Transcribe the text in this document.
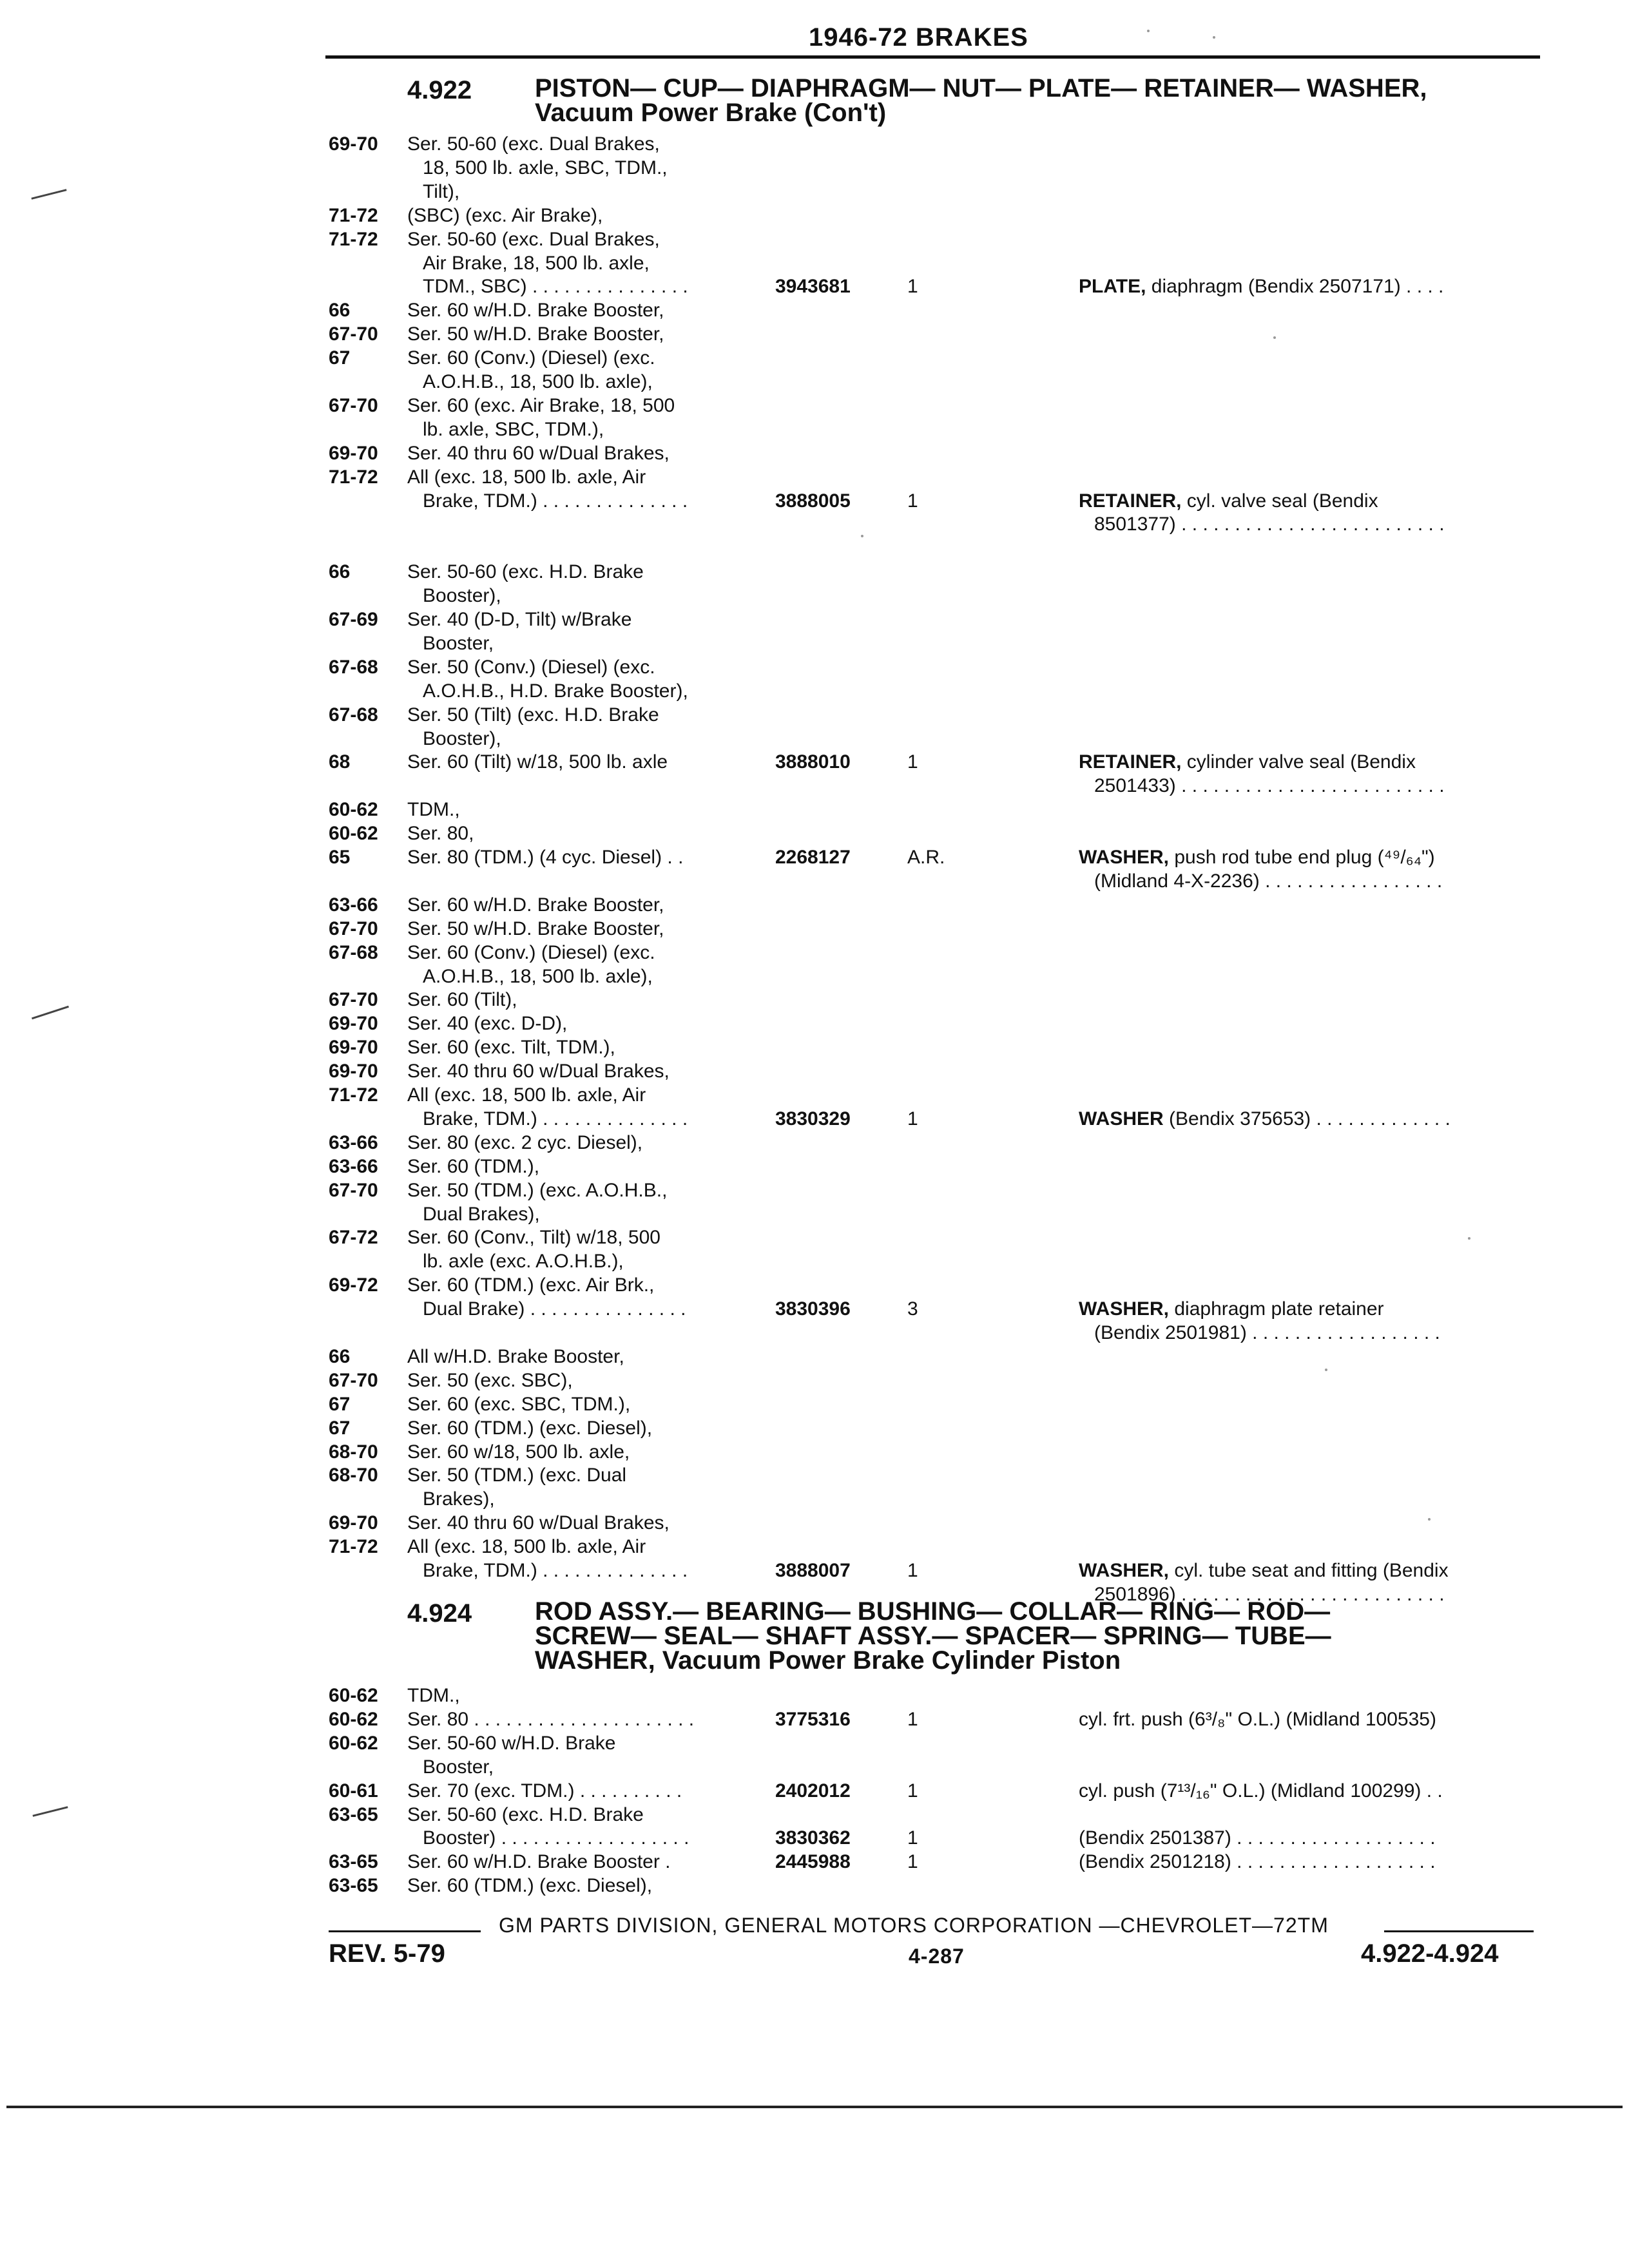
1946-72 BRAKES
4.922 PISTON— CUP— DIAPHRAGM— NUT— PLATE— RETAINER— WASHER,
Vacuum Power Brake (Con't)
69-70 Ser. 50-60 (exc. Dual Brakes,
18, 500 lb. axle, SBC, TDM.,
Tilt),
71-72 (SBC) (exc. Air Brake),
71-72 Ser. 50-60 (exc. Dual Brakes,
Air Brake, 18, 500 lb. axle,
TDM., SBC) . . . . . . . . . . . . . . .	3943681	1	PLATE, diaphragm (Bendix 2507171) . . . .
66	Ser. 60 w/H.D. Brake Booster,
67-70 Ser. 50 w/H.D. Brake Booster,
67	Ser. 60 (Conv.) (Diesel) (exc.
A.O.H.B., 18, 500 lb. axle),
67-70 Ser. 60 (exc. Air Brake, 18, 500
lb. axle, SBC, TDM.),
69-70 Ser. 40 thru 60 w/Dual Brakes,
71-72 All (exc. 18, 500 lb. axle, Air
Brake, TDM.) . . . . . . . . . . . . . .	3888005	1	RETAINER, cyl. valve seal (Bendix
8501377) . . . . . . . . . . . . . . . . . . . . . . . . .
66	Ser. 50-60 (exc. H.D. Brake
Booster),
67-69 Ser. 40 (D-D, Tilt) w/Brake
Booster,
67-68 Ser. 50 (Conv.) (Diesel) (exc.
A.O.H.B., H.D. Brake Booster),
67-68 Ser. 50 (Tilt) (exc. H.D. Brake
Booster),
68	Ser. 60 (Tilt) w/18, 500 lb. axle	3888010	1	RETAINER, cylinder valve seal (Bendix
2501433) . . . . . . . . . . . . . . . . . . . . . . . . .
60-62 TDM.,
60-62 Ser. 80,
65	Ser. 80 (TDM.) (4 cyc. Diesel) . .	2268127	A.R.	WASHER, push rod tube end plug (⁴⁹/₆₄")
(Midland 4-X-2236) . . . . . . . . . . . . . . . . .
63-66 Ser. 60 w/H.D. Brake Booster,
67-70 Ser. 50 w/H.D. Brake Booster,
67-68 Ser. 60 (Conv.) (Diesel) (exc.
A.O.H.B., 18, 500 lb. axle),
67-70 Ser. 60 (Tilt),
69-70 Ser. 40 (exc. D-D),
69-70 Ser. 60 (exc. Tilt, TDM.),
69-70 Ser. 40 thru 60 w/Dual Brakes,
71-72 All (exc. 18, 500 lb. axle, Air
Brake, TDM.) . . . . . . . . . . . . . .	3830329	1	WASHER (Bendix 375653) . . . . . . . . . . . . .
63-66 Ser. 80 (exc. 2 cyc. Diesel),
63-66 Ser. 60 (TDM.),
67-70 Ser. 50 (TDM.) (exc. A.O.H.B.,
Dual Brakes),
67-72 Ser. 60 (Conv., Tilt) w/18, 500
lb. axle (exc. A.O.H.B.),
69-72 Ser. 60 (TDM.) (exc. Air Brk.,
Dual Brake) . . . . . . . . . . . . . . .	3830396	3	WASHER, diaphragm plate retainer
(Bendix 2501981) . . . . . . . . . . . . . . . . . .
66	All w/H.D. Brake Booster,
67-70 Ser. 50 (exc. SBC),
67	Ser. 60 (exc. SBC, TDM.),
67	Ser. 60 (TDM.) (exc. Diesel),
68-70 Ser. 60 w/18, 500 lb. axle,
68-70 Ser. 50 (TDM.) (exc. Dual
Brakes),
69-70 Ser. 40 thru 60 w/Dual Brakes,
71-72 All (exc. 18, 500 lb. axle, Air
Brake, TDM.) . . . . . . . . . . . . . .	3888007	1	WASHER, cyl. tube seat and fitting (Bendix
2501896) . . . . . . . . . . . . . . . . . . . . . . . . .
4.924 ROD ASSY.— BEARING— BUSHING— COLLAR— RING— ROD—
SCREW— SEAL— SHAFT ASSY.— SPACER— SPRING— TUBE—
WASHER, Vacuum Power Brake Cylinder Piston
60-62 TDM.,
60-62 Ser. 80 . . . . . . . . . . . . . . . . . . . . .	3775316	1	cyl. frt. push (6³/₈" O.L.) (Midland 100535)
60-62 Ser. 50-60 w/H.D. Brake
Booster,
60-61 Ser. 70 (exc. TDM.) . . . . . . . . . .	2402012	1	cyl. push (7¹³/₁₆" O.L.) (Midland 100299) . .
63-65 Ser. 50-60 (exc. H.D. Brake
Booster) . . . . . . . . . . . . . . . . . .	3830362	1	(Bendix 2501387) . . . . . . . . . . . . . . . . . . .
63-65 Ser. 60 w/H.D. Brake Booster .	2445988	1	(Bendix 2501218) . . . . . . . . . . . . . . . . . . .
63-65 Ser. 60 (TDM.) (exc. Diesel),
GM PARTS DIVISION, GENERAL MOTORS CORPORATION —CHEVROLET—72TM
REV. 5-79	4-287	4.922-4.924
